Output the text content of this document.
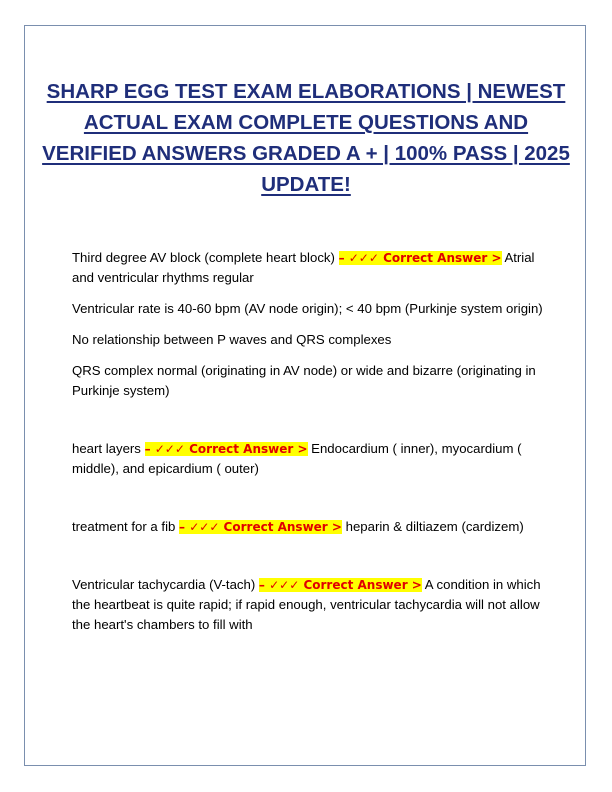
SHARP EGG TEST EXAM ELABORATIONS | NEWEST ACTUAL EXAM COMPLETE QUESTIONS AND VERIFIED ANSWERS GRADED A + | 100% PASS | 2025 UPDATE!

Third degree AV block (complete heart block) – ✓✓✓ Correct Answer > Atrial and ventricular rhythms regular

Ventricular rate is 40-60 bpm (AV node origin); < 40 bpm (Purkinje system origin)

No relationship between P waves and QRS complexes

QRS complex normal (originating in AV node) or wide and bizarre (originating in Purkinje system)

heart layers – ✓✓✓ Correct Answer > Endocardium ( inner), myocardium ( middle), and epicardium ( outer)

treatment for a fib – ✓✓✓ Correct Answer > heparin & diltiazem (cardizem)

Ventricular tachycardia (V-tach) – ✓✓✓ Correct Answer > A condition in which the heartbeat is quite rapid; if rapid enough, ventricular tachycardia will not allow the heart's chambers to fill with
